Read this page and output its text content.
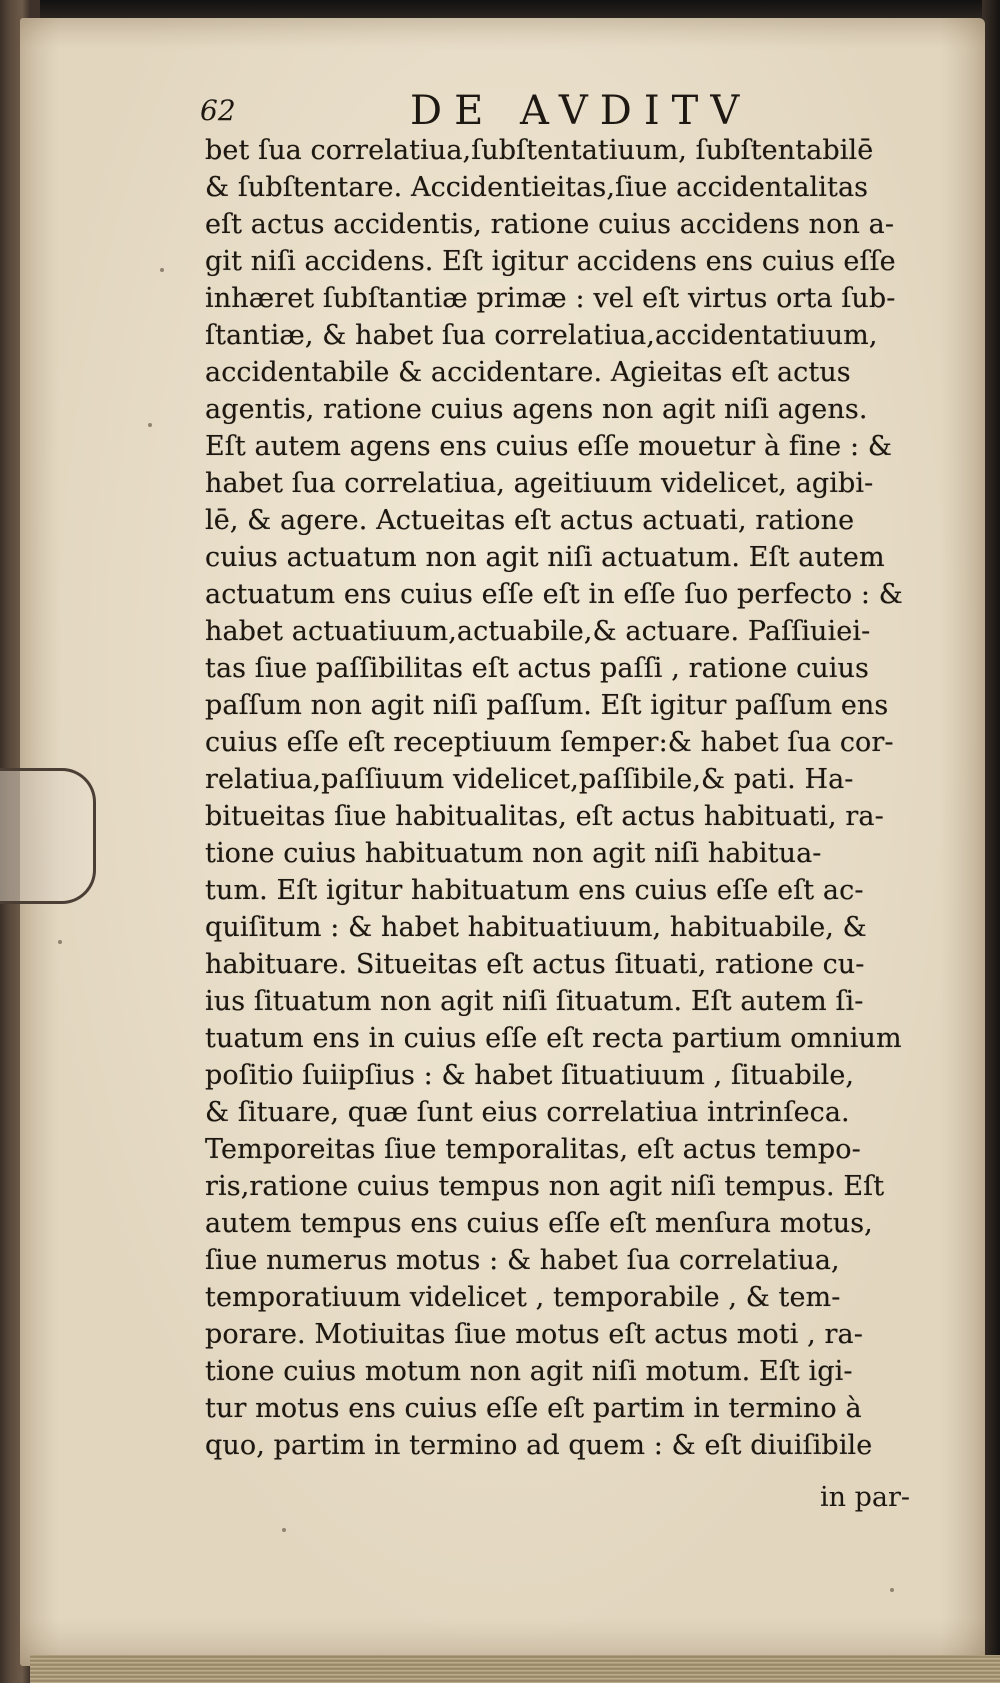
62	DE AVDITV
bet ſua correlatiua,ſubſtentatiuum, ſubſtentabilē
& ſubſtentare. Accidentieitas,ſiue accidentalitas
eſt actus accidentis, ratione cuius accidens non a-
git niſi accidens. Eſt igitur accidens ens cuius eſſe
inhæret ſubſtantiæ primæ : vel eſt virtus orta ſub-
ſtantiæ, & habet ſua correlatiua,accidentatiuum,
accidentabile & accidentare. Agieitas eſt actus
agentis, ratione cuius agens non agit niſi agens.
Eſt autem agens ens cuius eſſe mouetur à fine : &
habet ſua correlatiua, ageitiuum videlicet, agibi-
lē, & agere. Actueitas eſt actus actuati, ratione
cuius actuatum non agit niſi actuatum. Eſt autem
actuatum ens cuius eſſe eſt in eſſe ſuo perfecto : &
habet actuatiuum,actuabile,& actuare. Paſſiuiei-
tas ſiue paſſibilitas eſt actus paſſi , ratione cuius
paſſum non agit niſi paſſum. Eſt igitur paſſum ens
cuius eſſe eſt receptiuum ſemper:& habet ſua cor-
relatiua,paſſiuum videlicet,paſſibile,& pati. Ha-
bitueitas ſiue habitualitas, eſt actus habituati, ra-
tione cuius habituatum non agit niſi habitua-
tum. Eſt igitur habituatum ens cuius eſſe eſt ac-
quiſitum : & habet habituatiuum, habituabile, &
habituare. Situeitas eſt actus ſituati, ratione cu-
ius ſituatum non agit niſi ſituatum. Eſt autem ſi-
tuatum ens in cuius eſſe eſt recta partium omnium
poſitio ſuiipſius : & habet ſituatiuum , ſituabile,
& ſituare, quæ ſunt eius correlatiua intrinſeca.
Temporeitas ſiue temporalitas, eſt actus tempo-
ris,ratione cuius tempus non agit niſi tempus. Eſt
autem tempus ens cuius eſſe eſt menſura motus,
ſiue numerus motus : & habet ſua correlatiua,
temporatiuum videlicet , temporabile , & tem-
porare. Motiuitas ſiue motus eſt actus moti , ra-
tione cuius motum non agit niſi motum. Eſt igi-
tur motus ens cuius eſſe eſt partim in termino à
quo, partim in termino ad quem : & eſt diuiſibile
in par-
